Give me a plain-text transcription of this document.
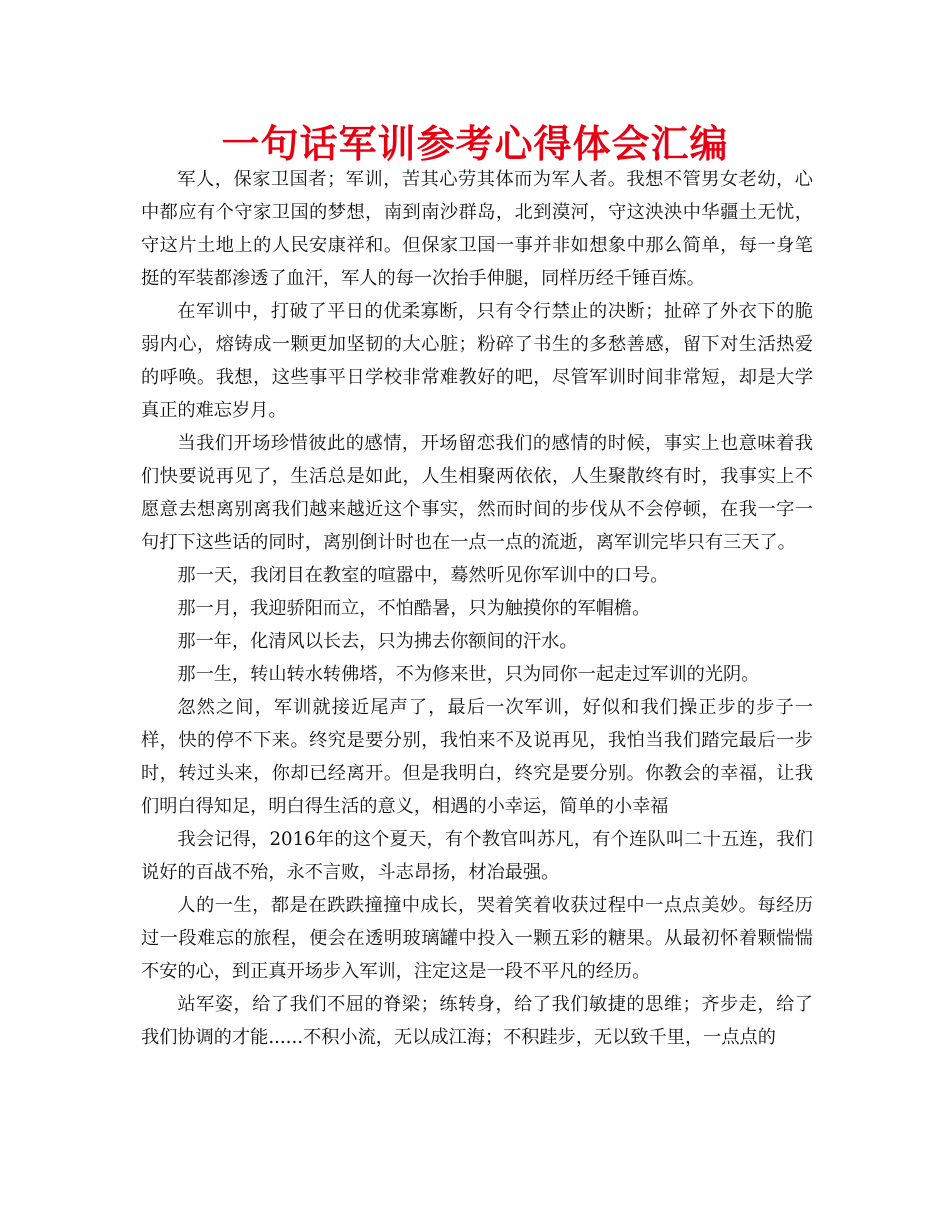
一句话军训参考心得体会汇编

军人，保家卫国者；军训，苦其心劳其体而为军人者。我想不管男女老幼，心中都应有个守家卫国的梦想，南到南沙群岛，北到漠河，守这泱泱中华疆土无忧，守这片土地上的人民安康祥和。但保家卫国一事并非如想象中那么简单，每一身笔挺的军装都渗透了血汗，军人的每一次抬手伸腿，同样历经千锤百炼。

在军训中，打破了平日的优柔寡断，只有令行禁止的决断；扯碎了外衣下的脆弱内心，熔铸成一颗更加坚韧的大心脏；粉碎了书生的多愁善感，留下对生活热爱的呼唤。我想，这些事平日学校非常难教好的吧，尽管军训时间非常短，却是大学真正的难忘岁月。

当我们开场珍惜彼此的感情，开场留恋我们的感情的时候，事实上也意味着我们快要说再见了，生活总是如此，人生相聚两依依，人生聚散终有时，我事实上不愿意去想离别离我们越来越近这个事实，然而时间的步伐从不会停顿，在我一字一句打下这些话的同时，离别倒计时也在一点一点的流逝，离军训完毕只有三天了。

那一天，我闭目在教室的喧嚣中，蓦然听见你军训中的口号。

那一月，我迎骄阳而立，不怕酷暑，只为触摸你的军帽檐。

那一年，化清风以长去，只为拂去你额间的汗水。

那一生，转山转水转佛塔，不为修来世，只为同你一起走过军训的光阴。

忽然之间，军训就接近尾声了，最后一次军训，好似和我们操正步的步子一样，快的停不下来。终究是要分别，我怕来不及说再见，我怕当我们踏完最后一步时，转过头来，你却已经离开。但是我明白，终究是要分别。你教会的幸福，让我们明白得知足，明白得生活的意义，相遇的小幸运，简单的小幸福

我会记得，2016年的这个夏天，有个教官叫苏凡，有个连队叫二十五连，我们说好的百战不殆，永不言败，斗志昂扬，材冶最强。

人的一生，都是在跌跌撞撞中成长，哭着笑着收获过程中一点点美妙。每经历过一段难忘的旅程，便会在透明玻璃罐中投入一颗五彩的糖果。从最初怀着颗惴惴不安的心，到正真开场步入军训，注定这是一段不平凡的经历。

站军姿，给了我们不屈的脊梁；练转身，给了我们敏捷的思维；齐步走，给了我们协调的才能......不积小流，无以成江海；不积跬步，无以致千里，一点点的
